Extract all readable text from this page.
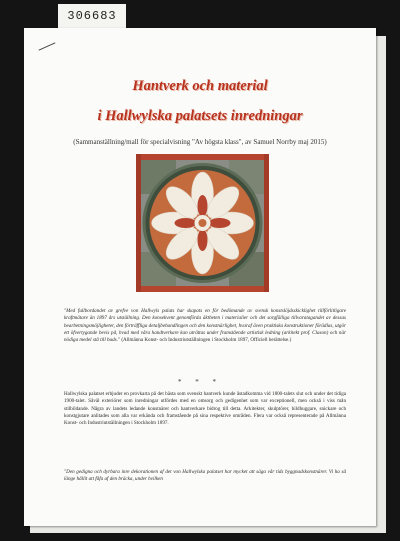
306683
Hantverk och material
i Hallwylska palatsets inredningar

(Sammanställning/mall för specialvisning "Av högsta klass", av Samuel Norrby maj 2015)

"Med fullbordandet av grefve von Hallwyls palats har skapats en för bedömande av svensk konstslöjdsskicklighet tillförlitligare kraftmätare än 1897 års utställning. Den konsekvent genomförda äktheten i materialier och det sorgfälliga tillvaratagandet av dessas bearbetningsmöjligheter, den förträffliga detaljbehandlingen och den konstnärlighet, hvaraf även praktiska konstruktioner förädlas, utgör ett öfvertygande bevis på, hvad med våra handtverkare kan uträttas under framstående artistisk ledning (arkitekt prof. Clason) och när nödiga medel stå till buds." (Allmänna Konst- och Industriutställningen i Stockholm 1897, Officiell berättelse.)

* * *

Hallwylska palatset erbjuder en provkarta på det bästa som svenskt hantverk kunde åstadkomma vid 1800-talets slut och under det tidiga 1900-talet. Såväl exteriörer som inredningar utfördes med en omsorg och gedigenhet som var exceptionell, men också i viss mån stilbildande. Några av landets ledande konstnärer och hantverkare bidrog till detta. Arkitekter, skulptörer, bildhuggare, snickare och konstgjutare anlitades som alla var erkända och framstående på sina respektive områden. Flera var också representerade på Allmänna Konst- och Industriutställningen i Stockholm 1897.

"Den gedigna och dyrbara inre dekorationen af det von Hallwylska palatset har mycket att säga vår tids byggnadskonstnärer. Vi ha så länge hållit att fåfa af den bräcka, under hvilken
